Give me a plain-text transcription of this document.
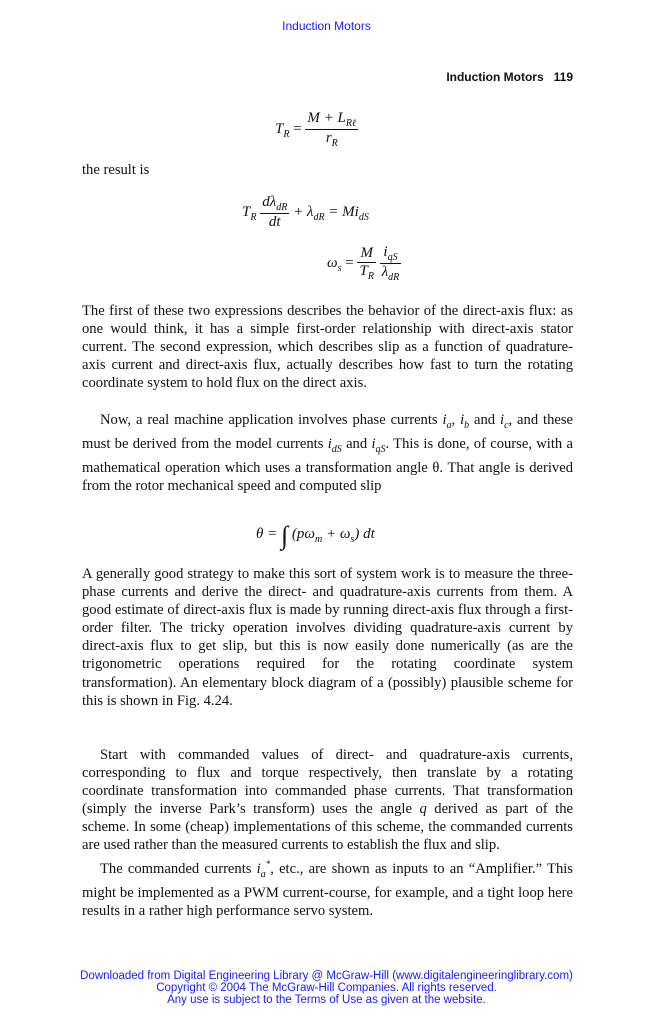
Induction Motors
Induction Motors 119
$T_R = \frac{M + L_{R\ell}}{r_R}$

the result is

$T_R \frac{d\lambda_{dR}}{dt} + \lambda_{dR} = Mi_{dS}$
$\omega_s = \frac{M}{T_R}$
$\frac{i_{qS}}{\lambda_{dR}}$

The first of these two expressions describes the behavior of the direct-axis flux: as one would think, it has a simple first-order relationship with direct-axis stator current. The second expression, which describes slip as a function of quadrature-axis current and direct-axis flux, actually describes how fast to turn the rotating coordinate system to hold flux on the direct axis.

Now, a real machine application involves phase currents $i_a$, $i_b$ and $i_c$, and these must be derived from the model currents $i_{dS}$ and $i_{qS}$. This is done, of course, with a mathematical operation which uses a transformation angle θ. That angle is derived from the rotor mechanical speed and computed slip

θ = ∫ $(p\omega_m + \omega_s)$ dt

A generally good strategy to make this sort of system work is to measure the three-phase currents and derive the direct- and quadrature-axis currents from them. A good estimate of direct-axis flux is made by running direct-axis flux through a first-order filter. The tricky operation involves dividing quadrature-axis current by direct-axis flux to get slip, but this is now easily done numerically (as are the trigonometric operations required for the rotating coordinate system transformation). An elementary block diagram of a (possibly) plausible scheme for this is shown in Fig. 4.24.

Start with commanded values of direct- and quadrature-axis currents, corresponding to flux and torque respectively, then translate by a rotating coordinate transformation into commanded phase currents. That transformation (simply the inverse Park’s transform) uses the angle q derived as part of the scheme. In some (cheap) implementations of this scheme, the commanded currents are used rather than the measured currents to establish the flux and slip.

The commanded currents $i_a^*$, etc., are shown as inputs to an “Amplifier.” This might be implemented as a PWM current-course, for example, and a tight loop here results in a rather high performance servo system.

Downloaded from Digital Engineering Library @ McGraw-Hill (www.digitalengineeringlibrary.com)
Copyright © 2004 The McGraw-Hill Companies. All rights reserved.
Any use is subject to the Terms of Use as given at the website.
